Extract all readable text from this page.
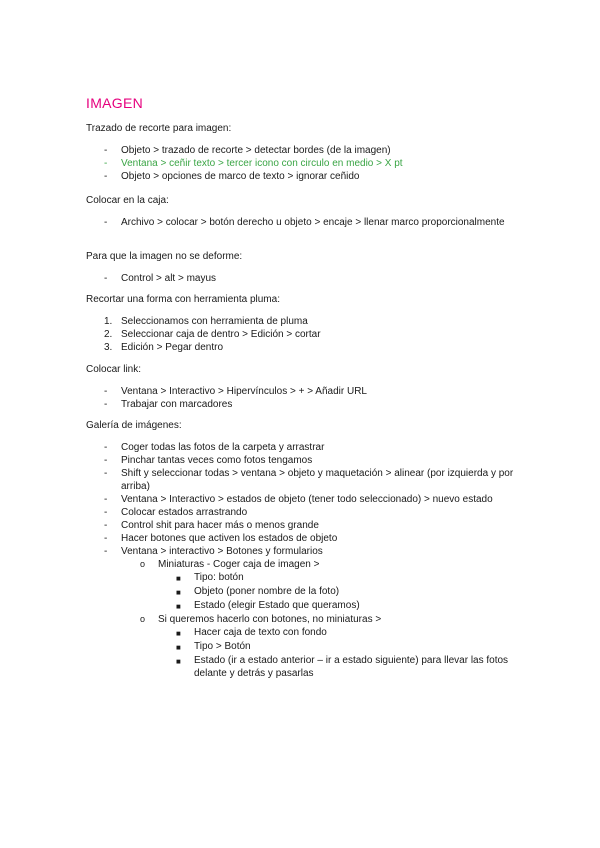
IMAGEN
Trazado de recorte para imagen:
-	Objeto > trazado de recorte > detectar bordes (de la imagen)
-	Ventana > ceñir texto > tercer icono con circulo en medio > X pt
-	Objeto > opciones de marco de texto > ignorar ceñido
Colocar en la caja:
-	Archivo > colocar > botón derecho u objeto > encaje > llenar marco proporcionalmente
Para que la imagen no se deforme:
-	Control > alt > mayus
Recortar una forma con herramienta pluma:
1. Seleccionamos con herramienta de pluma
2. Seleccionar caja de dentro > Edición > cortar
3. Edición > Pegar dentro
Colocar link:
-	Ventana > Interactivo > Hipervínculos > + > Añadir URL
-	Trabajar con marcadores
Galería de imágenes:
-	Coger todas las fotos de la carpeta y arrastrar
-	Pinchar tantas veces como fotos tengamos
-	Shift y seleccionar todas > ventana > objeto y maquetación > alinear (por izquierda y por arriba)
-	Ventana > Interactivo > estados de objeto (tener todo seleccionado) > nuevo estado
-	Colocar estados arrastrando
-	Control shit para hacer más o menos grande
-	Hacer botones que activen los estados de objeto
-	Ventana > interactivo > Botones y formularios
o	Miniaturas - Coger caja de imagen >
■	Tipo: botón
■	Objeto (poner nombre de la foto)
■	Estado (elegir Estado que queramos)
o	Si queremos hacerlo con botones, no miniaturas >
■	Hacer caja de texto con fondo
■	Tipo > Botón
■	Estado (ir a estado anterior – ir a estado siguiente) para llevar las fotos delante y detrás y pasarlas
